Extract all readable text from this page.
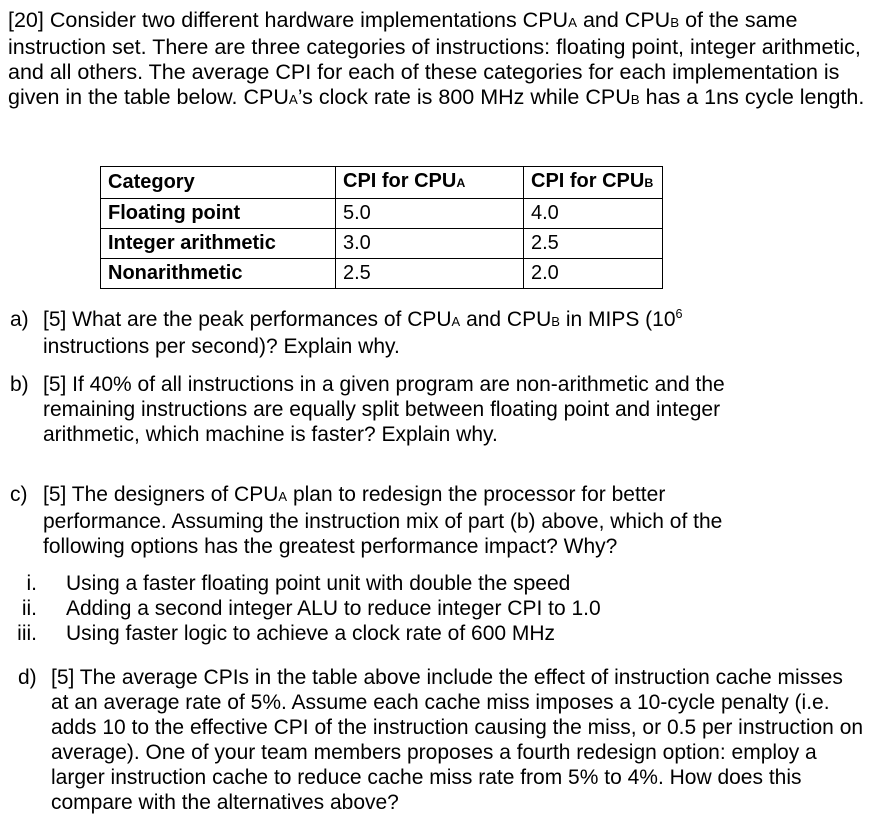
[20] Consider two different hardware implementations CPUA and CPUB of the same instruction set. There are three categories of instructions: floating point, integer arithmetic, and all others. The average CPI for each of these categories for each implementation is given in the table below. CPUA’s clock rate is 800 MHz while CPUB has a 1ns cycle length.

Category	CPI for CPUA	CPI for CPUB
Floating point	5.0	4.0
Integer arithmetic	3.0	2.5
Nonarithmetic	2.5	2.0
a) [5] What are the peak performances of CPUA and CPUB in MIPS ($10^6$
instructions per second)? Explain why.
b) [5] If 40% of all instructions in a given program are non-arithmetic and the remaining instructions are equally split between floating point and integer arithmetic, which machine is faster? Explain why.
c) [5] The designers of CPUA plan to redesign the processor for better performance. Assuming the instruction mix of part (b) above, which of the following options has the greatest performance impact? Why?
i. Using a faster floating point unit with double the speed
ii. Adding a second integer ALU to reduce integer CPI to 1.0
iii. Using faster logic to achieve a clock rate of 600 MHz
d) [5] The average CPIs in the table above include the effect of instruction cache misses at an average rate of 5%. Assume each cache miss imposes a 10-cycle penalty (i.e. adds 10 to the effective CPI of the instruction causing the miss, or 0.5 per instruction on average). One of your team members proposes a fourth redesign option: employ a larger instruction cache to reduce cache miss rate from 5% to 4%. How does this compare with the alternatives above?
